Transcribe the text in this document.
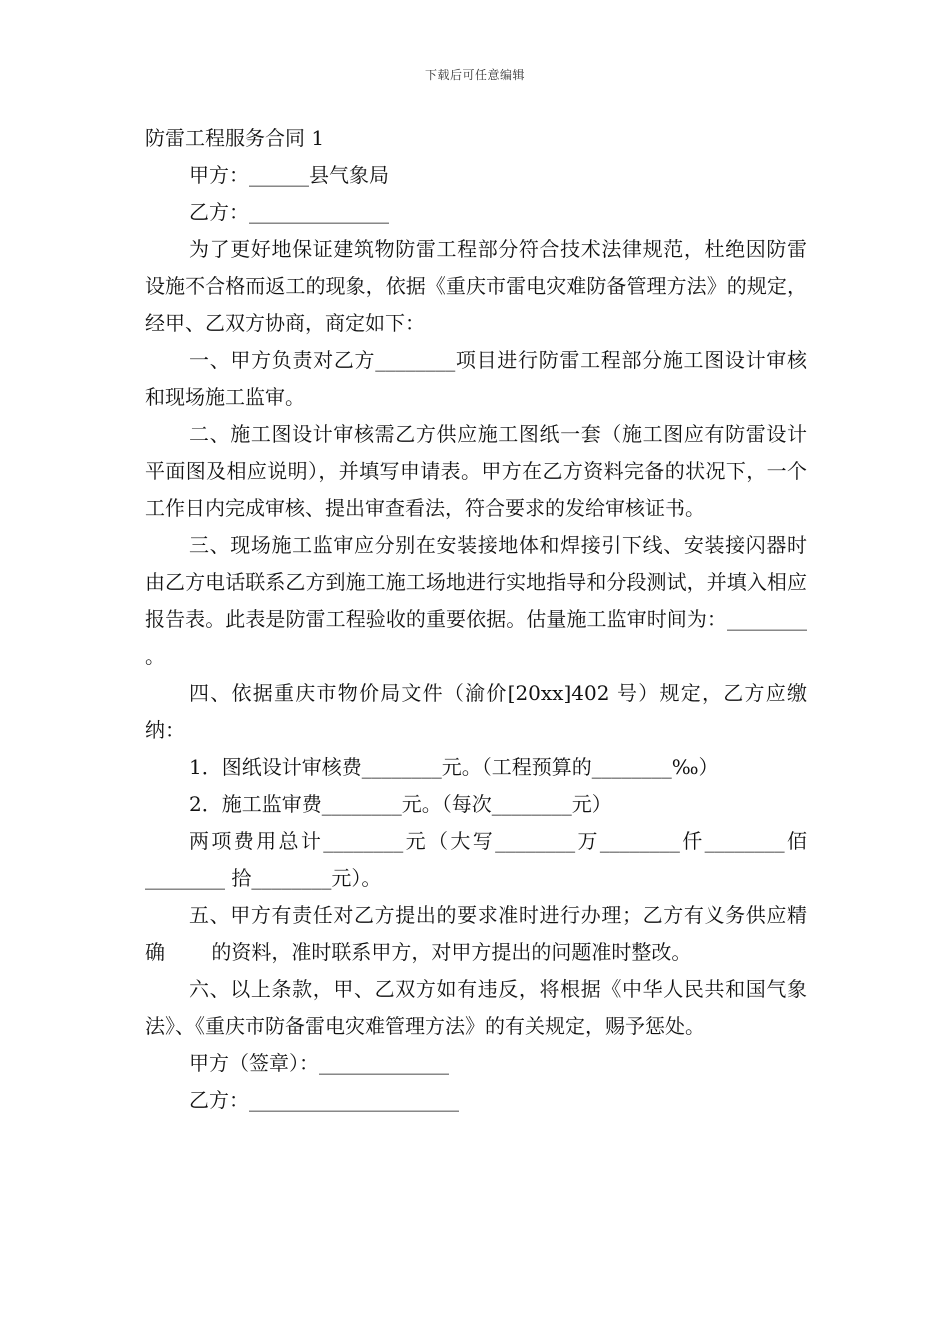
下载后可任意编辑

防雷工程服务合同 1

甲方：______县气象局

乙方：______________

为了更好地保证建筑物防雷工程部分符合技术法律规范，杜绝因防雷设施不合格而返工的现象，依据《重庆市雷电灾难防备管理方法》的规定，经甲、乙双方协商，商定如下：

一、甲方负责对乙方________项目进行防雷工程部分施工图设计审核和现场施工监审。

二、施工图设计审核需乙方供应施工图纸一套（施工图应有防雷设计平面图及相应说明），并填写申请表。甲方在乙方资料完备的状况下，一个工作日内完成审核、提出审查看法，符合要求的发给审核证书。

三、现场施工监审应分别在安装接地体和焊接引下线、安装接闪器时由乙方电话联系乙方到施工施工场地进行实地指导和分段测试，并填入相应报告表。此表是防雷工程验收的重要依据。估量施工监审时间为：________ 。

四、依据重庆市物价局文件（渝价[20xx]402 号）规定，乙方应缴纳：

1．图纸设计审核费________元。（工程预算的________‰）

2．施工监审费________元。（每次________元）

两项费用总计________元（大写________万________仟________佰________ 拾________元）。

五、甲方有责任对乙方提出的要求准时进行办理；乙方有义务供应精确　　 的资料，准时联系甲方，对甲方提出的问题准时整改。

六、以上条款，甲、乙双方如有违反，将根据《中华人民共和国气象法》、《重庆市防备雷电灾难管理方法》的有关规定，赐予惩处。

甲方（签章）：_____________

乙方：_____________________
